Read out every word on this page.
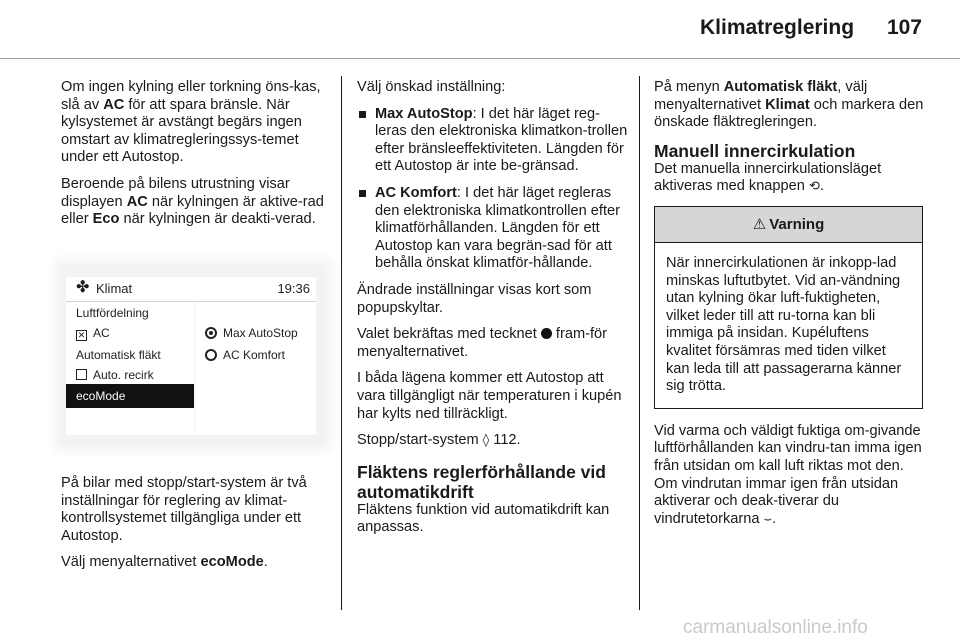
Klimatreglering	107

Om ingen kylning eller torkning öns-kas, slå av AC för att spara bränsle. När kylsystemet är avstängt begärs ingen omstart av klimatregleringssys-temet under ett Autostop.

Beroende på bilens utrustning visar displayen AC när kylningen är aktive-rad eller Eco när kylningen är deakti-verad.

✤ Klimat	19:36
Luftfördelning
✕ AC
Automatisk fläkt
Auto. recirk
ecoMode
Max AutoStop
AC Komfort

På bilar med stopp/start-system är två inställningar för reglering av klimat-kontrollsystemet tillgängliga under ett Autostop.

Välj menyalternativet ecoMode.

Välj önskad inställning:

Max AutoStop: I det här läget reg-leras den elektroniska klimatkon-trollen efter bränsleeffektiviteten. Längden för ett Autostop är inte be-gränsad.
AC Komfort: I det här läget regleras den elektroniska klimatkontrollen efter klimatförhållanden. Längden för ett Autostop kan vara begrän-sad för att behålla önskat klimatför-hållande.

Ändrade inställningar visas kort som popupskyltar.

Valet bekräftas med tecknet  fram-för menyalternativet.

I båda lägena kommer ett Autostop att vara tillgängligt när temperaturen i kupén har kylts ned tillräckligt.

Stopp/start-system ◊ 112.

Fläktens reglerförhållande vid automatikdrift

Fläktens funktion vid automatikdrift kan anpassas.

På menyn Automatisk fläkt, välj menyalternativet Klimat och markera den önskade fläktregleringen.

Manuell innercirkulation

Det manuella innercirkulationsläget aktiveras med knappen ⟲.

⚠ Varning
När innercirkulationen är inkopp-lad minskas luftutbytet. Vid an-vändning utan kylning ökar luft-fuktigheten, vilket leder till att ru-torna kan bli immiga på insidan. Kupéluftens kvalitet försämras med tiden vilket kan leda till att passagerarna känner sig trötta.

Vid varma och väldigt fuktiga om-givande luftförhållanden kan vindru-tan imma igen från utsidan om kall luft riktas mot den. Om vindrutan immar igen från utsidan aktiverar och deak-tiverar du vindrutetorkarna ⌣.

carmanualsonline.info
